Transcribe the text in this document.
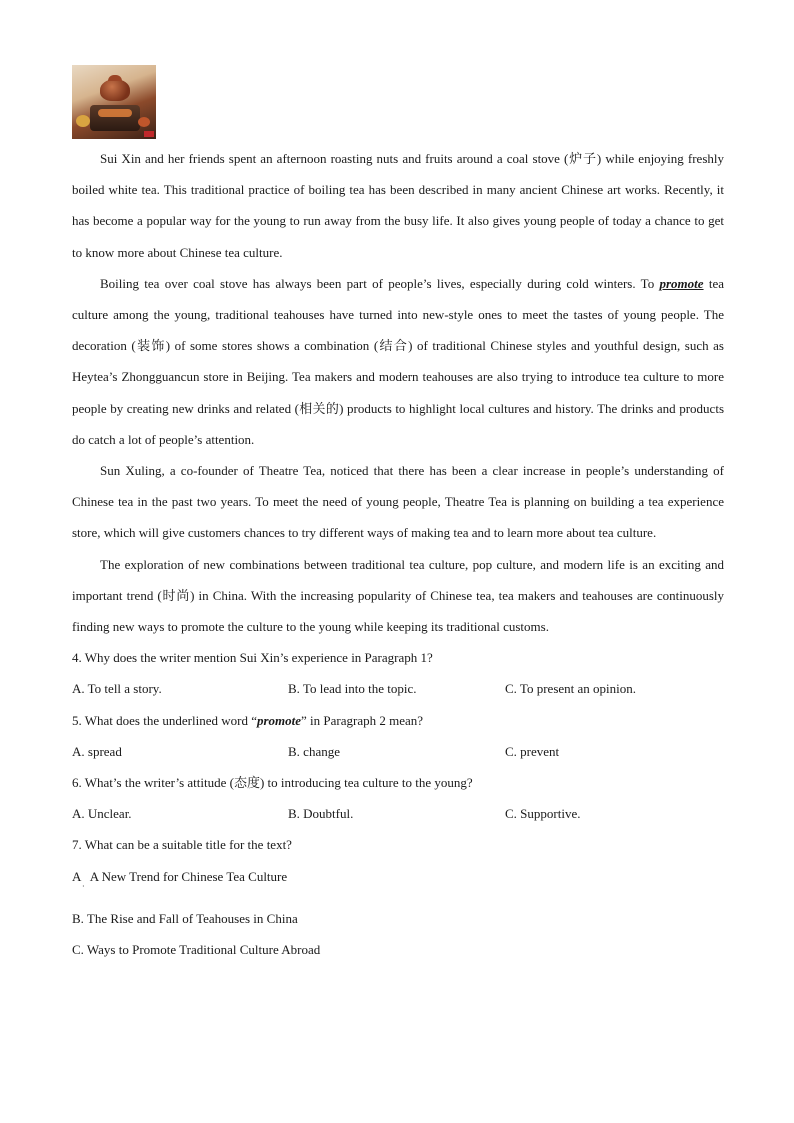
Sui Xin and her friends spent an afternoon roasting nuts and fruits around a coal stove (炉子) while enjoying freshly boiled white tea. This traditional practice of boiling tea has been described in many ancient Chinese art works. Recently, it has become a popular way for the young to run away from the busy life. It also gives young people of today a chance to get to know more about Chinese tea culture.

Boiling tea over coal stove has always been part of people’s lives, especially during cold winters. To promote tea culture among the young, traditional teahouses have turned into new-style ones to meet the tastes of young people. The decoration (装饰) of some stores shows a combination (结合) of traditional Chinese styles and youthful design, such as Heytea’s Zhongguancun store in Beijing. Tea makers and modern teahouses are also trying to introduce tea culture to more people by creating new drinks and related (相关的) products to highlight local cultures and history. The drinks and products do catch a lot of people’s attention.

Sun Xuling, a co-founder of Theatre Tea, noticed that there has been a clear increase in people’s understanding of Chinese tea in the past two years. To meet the need of young people, Theatre Tea is planning on building a tea experience store, which will give customers chances to try different ways of making tea and to learn more about tea culture.

The exploration of new combinations between traditional tea culture, pop culture, and modern life is an exciting and important trend (时尚) in China. With the increasing popularity of Chinese tea, tea makers and teahouses are continuously finding new ways to promote the culture to the young while keeping its traditional customs.

4. Why does the writer mention Sui Xin’s experience in Paragraph 1?

A. To tell a story.	B. To lead into the topic.	C. To present an opinion.

5. What does the underlined word “promote” in Paragraph 2 mean?

A. spread	B. change	C. prevent

6. What’s the writer’s attitude (态度) to introducing tea culture to the young?

A. Unclear.	B. Doubtful.	C. Supportive.

7. What can be a suitable title for the text?

A   A New Trend for Chinese Tea Culture
·

B. The Rise and Fall of Teahouses in China

C. Ways to Promote Traditional Culture Abroad
